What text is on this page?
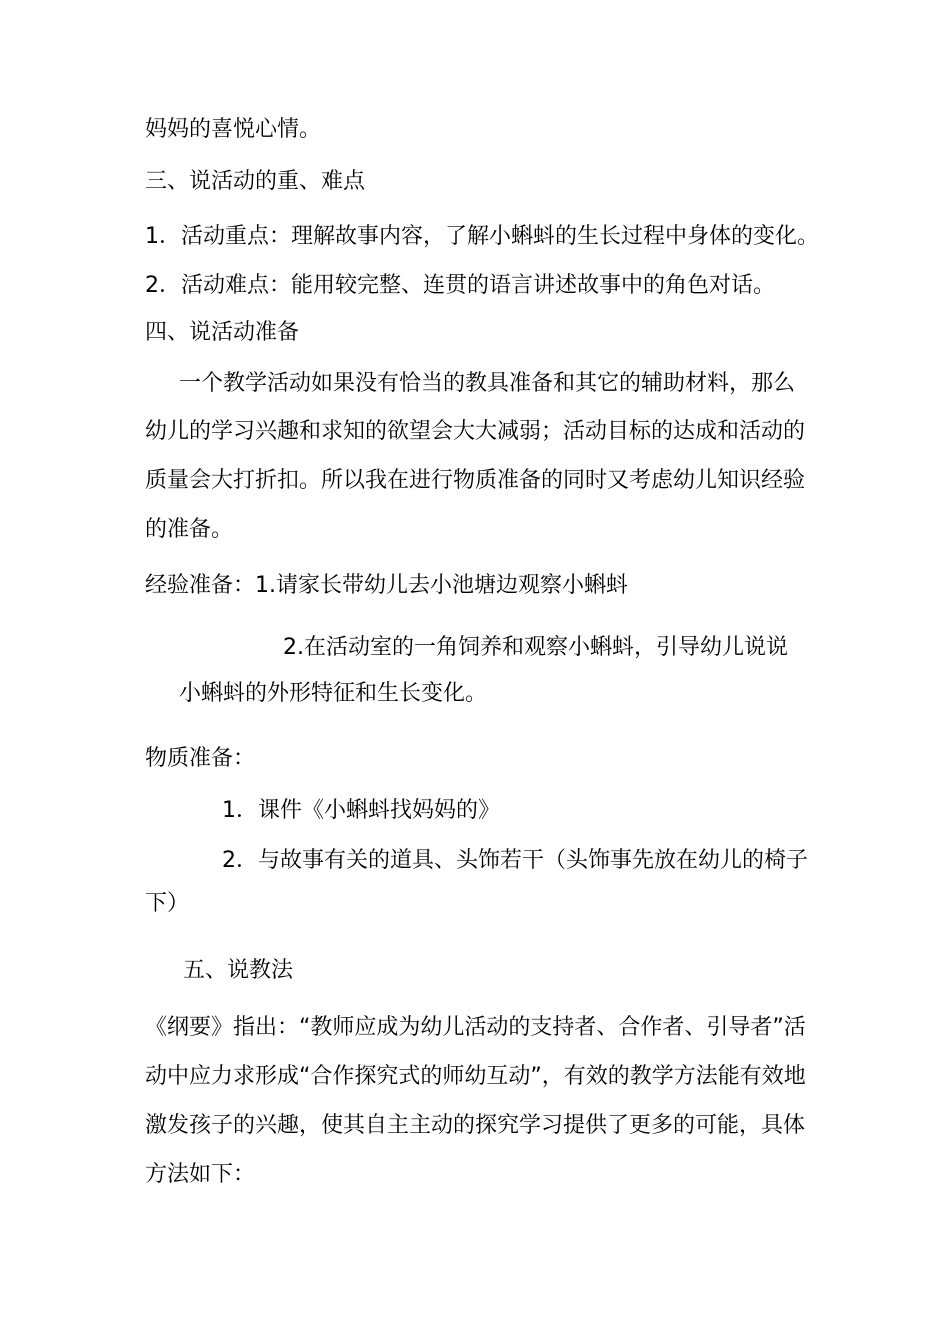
妈妈的喜悦心情。
三、说活动的重、难点
1．活动重点：理解故事内容，了解小蝌蚪的生长过程中身体的变化。
2．活动难点：能用较完整、连贯的语言讲述故事中的角色对话。
四、说活动准备
一个教学活动如果没有恰当的教具准备和其它的辅助材料，那么
幼儿的学习兴趣和求知的欲望会大大减弱；活动目标的达成和活动的
质量会大打折扣。所以我在进行物质准备的同时又考虑幼儿知识经验
的准备。
经验准备：1.请家长带幼儿去小池塘边观察小蝌蚪
2.在活动室的一角饲养和观察小蝌蚪，引导幼儿说说
小蝌蚪的外形特征和生长变化。
物质准备：
1．课件《小蝌蚪找妈妈的》
2．与故事有关的道具、头饰若干（头饰事先放在幼儿的椅子
下）
五、说教法
《纲要》指出：“教师应成为幼儿活动的支持者、合作者、引导者”活
动中应力求形成“合作探究式的师幼互动”，有效的教学方法能有效地
激发孩子的兴趣，使其自主主动的探究学习提供了更多的可能，具体
方法如下：
